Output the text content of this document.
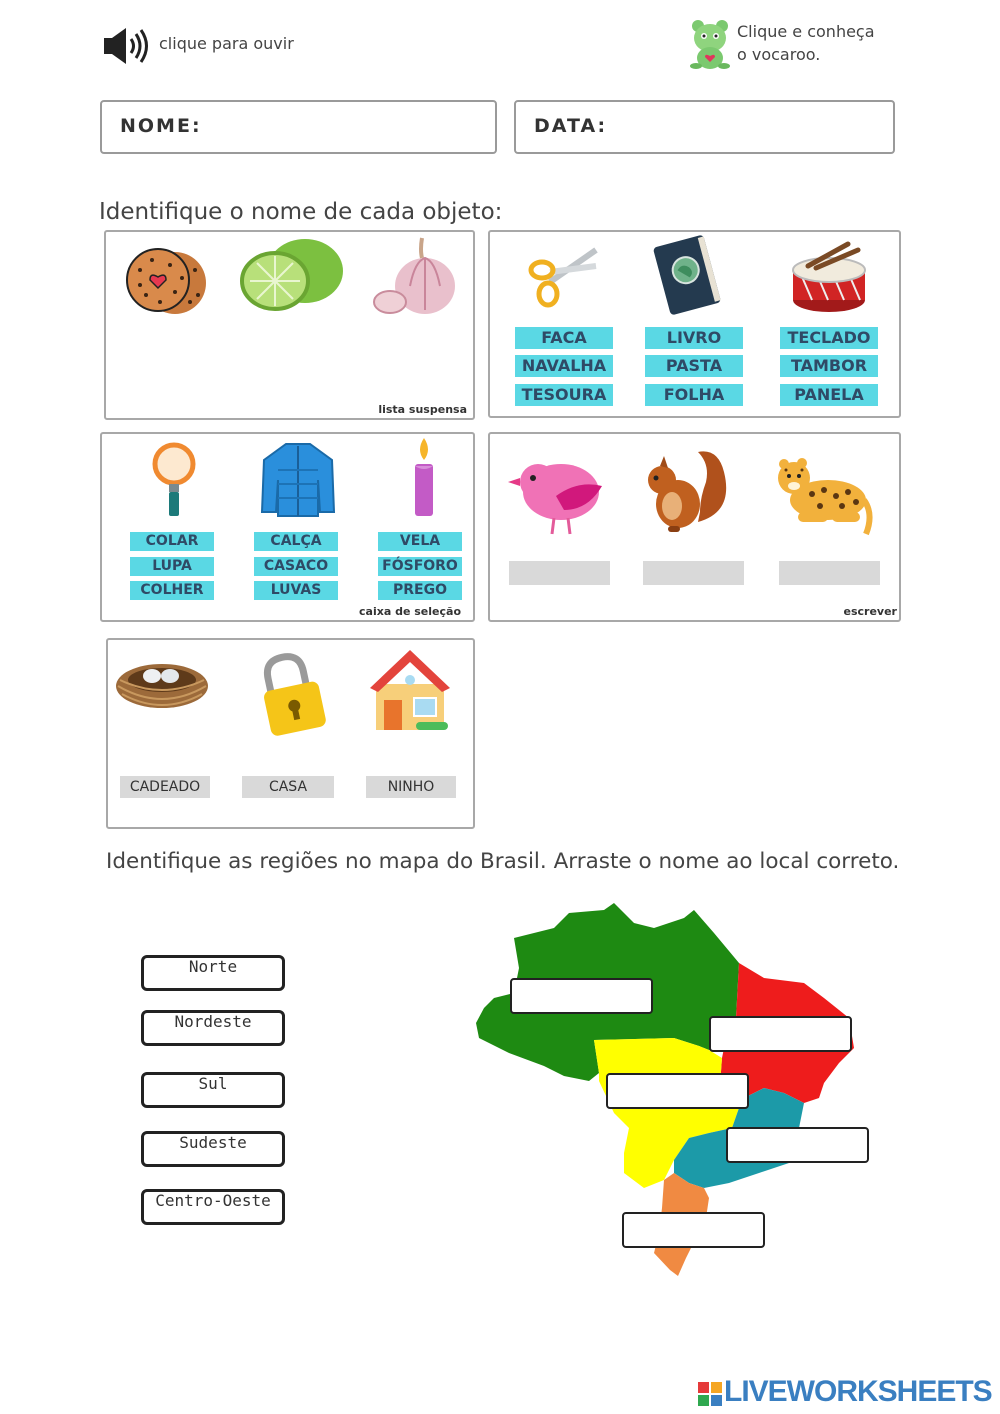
clique para ouvir
Clique e conheça
o vocaroo.
NOME:	DATA:
Identifique o nome de cada objeto:
lista suspensa
FACA
NAVALHA
TESOURA
LIVRO
PASTA
FOLHA
TECLADO
TAMBOR
PANELA
COLAR
LUPA
COLHER
CALÇA
CASACO
LUVAS
VELA
FÓSFORO
PREGO
caixa de seleção	escrever
CADEADO	CASA	NINHO
Identifique as regiões no mapa do Brasil. Arraste o nome ao local correto.
Norte
Nordeste
Sul
Sudeste
Centro-Oeste
LIVEWORKSHEETS
